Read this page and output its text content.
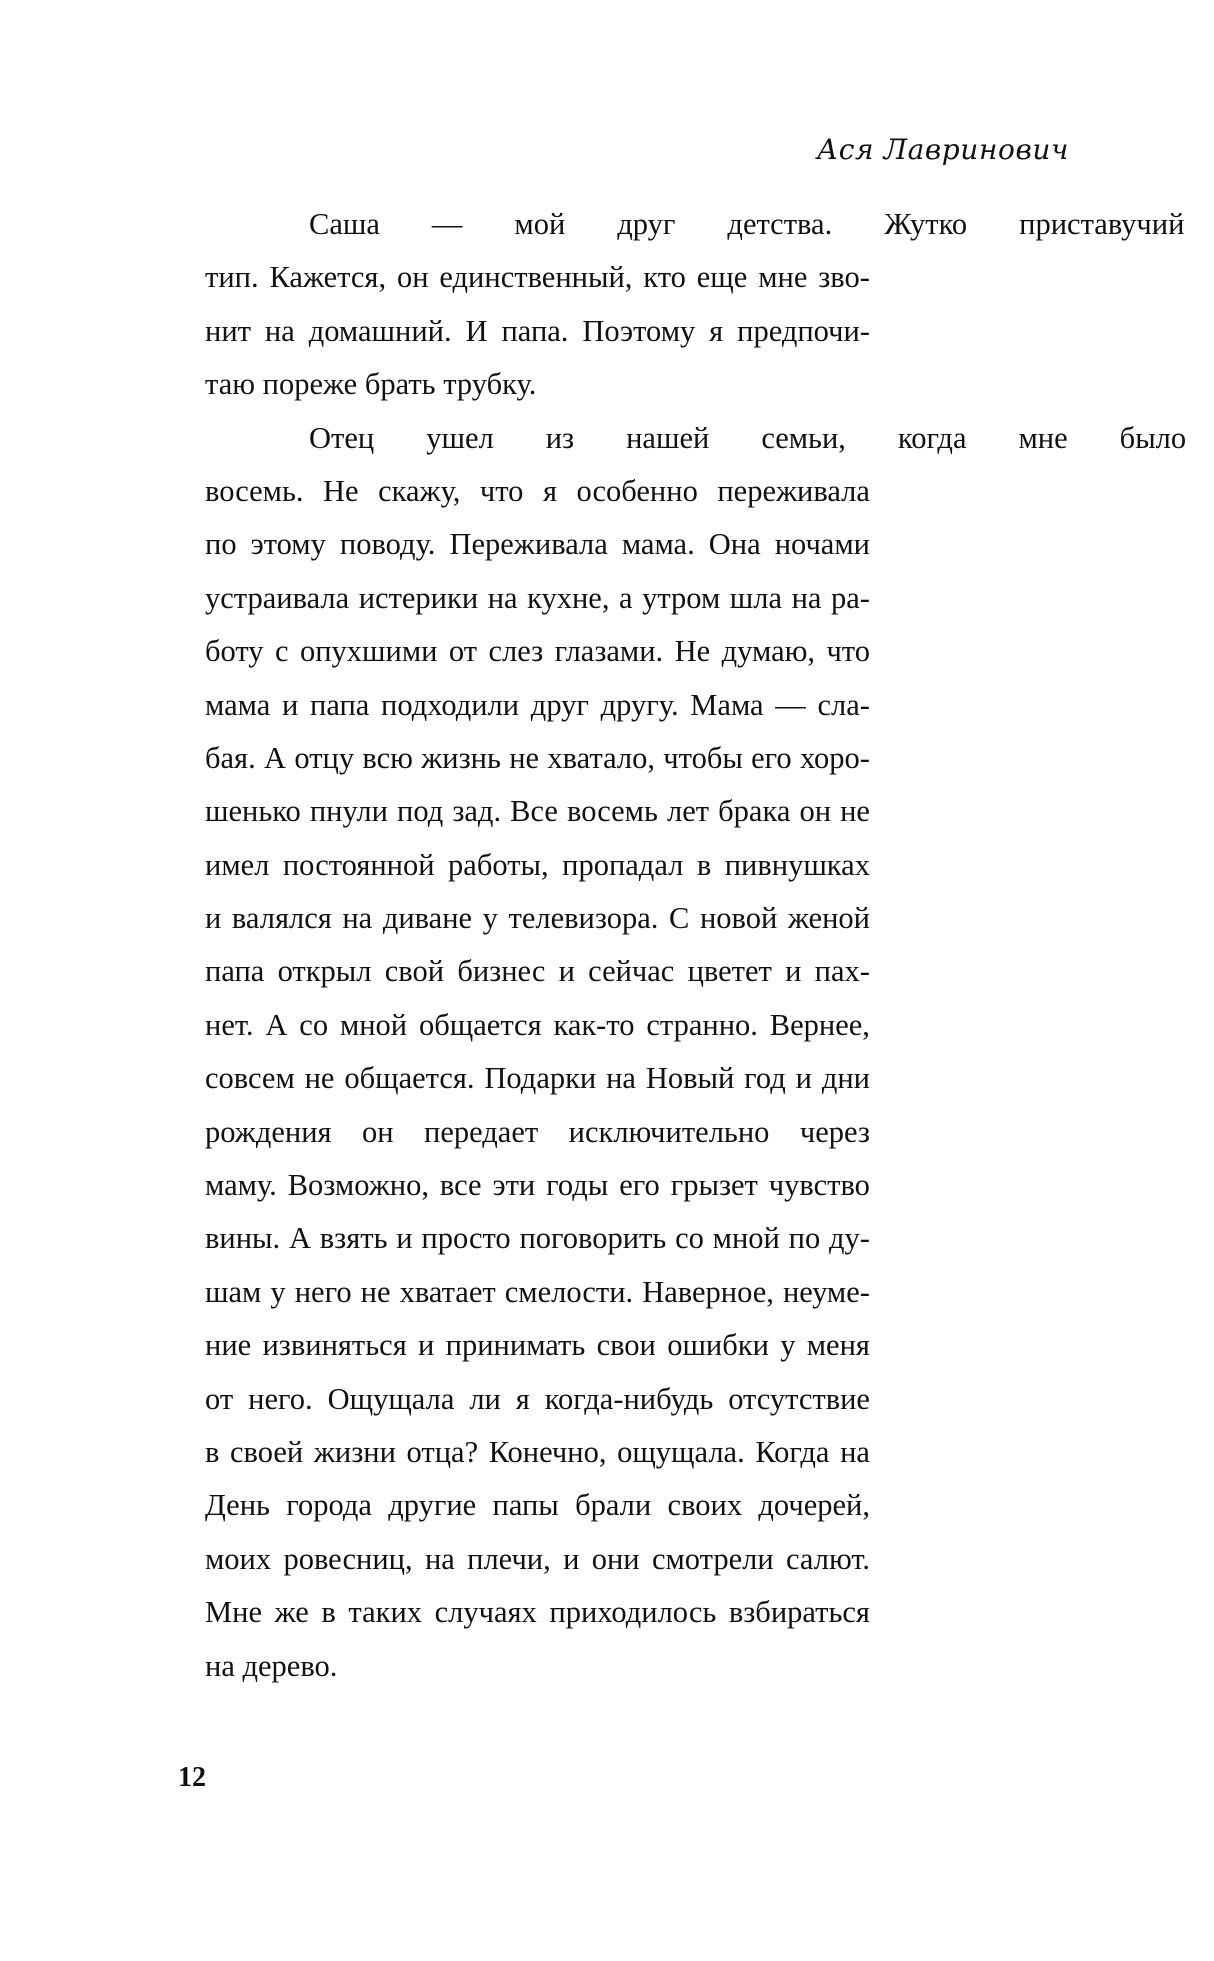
Ася Лавринович

Саша	—	мой	друг	детства.	Жутко	приставучий
тип. Кажется, он единственный, кто еще мне зво-
нит на домашний. И папа. Поэтому я предпочи-
таю пореже брать трубку.

Отец	ушел	из	нашей	семьи,	когда	мне	было
восемь. Не скажу, что я особенно переживала
по этому поводу. Переживала мама. Она ночами
устраивала истерики на кухне, а утром шла на ра-
боту с опухшими от слез глазами. Не думаю, что
мама и папа подходили друг другу. Мама — сла-
бая. А отцу всю жизнь не хватало, чтобы его хоро-
шенько пнули под зад. Все восемь лет брака он не
имел постоянной работы, пропадал в пивнушках
и валялся на диване у телевизора. С новой женой
папа открыл свой бизнес и сейчас цветет и пах-
нет. А со мной общается как-то странно. Вернее,
совсем не общается. Подарки на Новый год и дни
рождения он передает исключительно через
маму. Возможно, все эти годы его грызет чувство
вины. А взять и просто поговорить со мной по ду-
шам у него не хватает смелости. Наверное, неуме-
ние извиняться и принимать свои ошибки у меня
от него. Ощущала ли я когда-нибудь отсутствие
в своей жизни отца? Конечно, ощущала. Когда на
День города другие папы брали своих дочерей,
моих ровесниц, на плечи, и они смотрели салют.
Мне же в таких случаях приходилось взбираться
на дерево.

12
